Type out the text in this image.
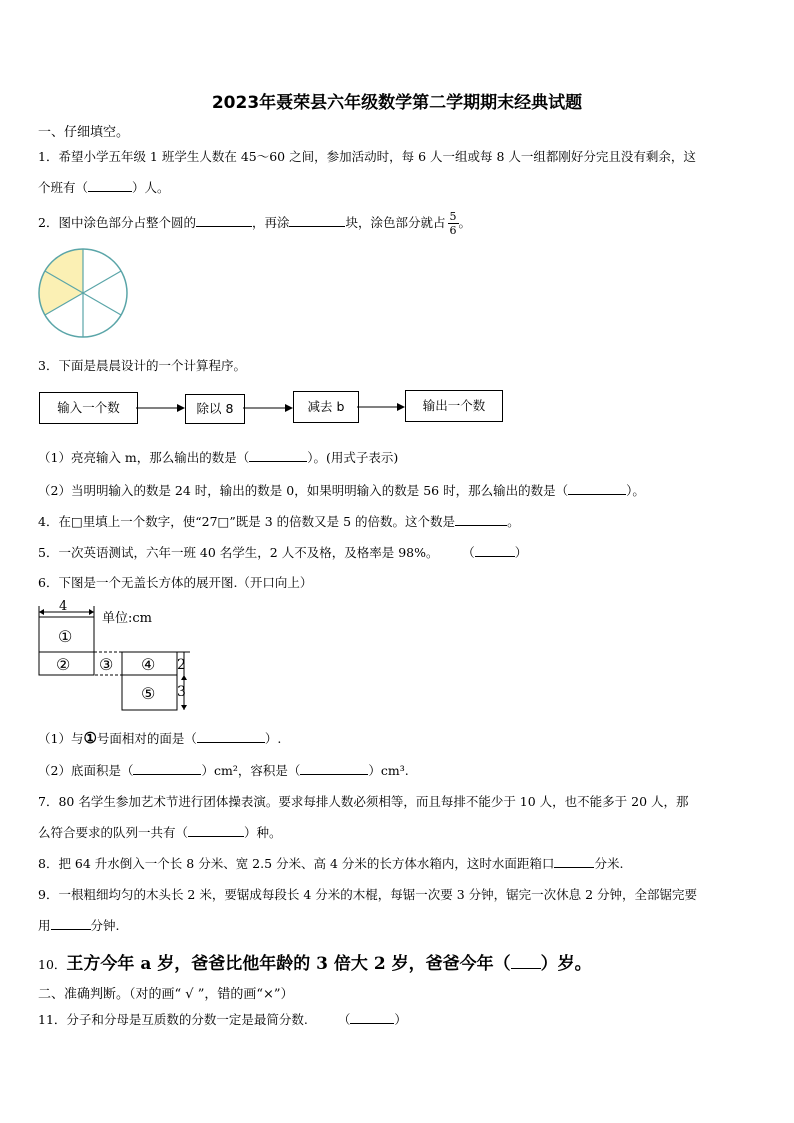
2023年聂荣县六年级数学第二学期期末经典试题
一、仔细填空。
1．希望小学五年级 1 班学生人数在 45～60 之间，参加活动时，每 6 人一组或每 8 人一组都刚好分完且没有剩余，这
个班有（	）人。
2．图中涂色部分占整个圆的	，再涂	块，涂色部分就占 $\frac{5}{6}$ 。
3．下面是晨晨设计的一个计算程序。
输入一个数	除以 8	减去 b	输出一个数
（1）亮亮输入 m，那么输出的数是（	）。(用式子表示)
（2）当明明输入的数是 24 时，输出的数是 0，如果明明输入的数是 56 时，那么输出的数是（	）。
4．在□里填上一个数字，使“27□”既是 3 的倍数又是 5 的倍数。这个数是	。
5．一次英语测试，六年一班 40 名学生，2 人不及格，及格率是 98%。 （	）
6．下图是一个无盖长方体的展开图.（开口向上）
4
单位:cm
①
② ③ ④
⑤
2
3
（1）与①号面相对的面是（	）.
（2）底面积是（	）cm²，容积是（	）cm³.
7．80 名学生参加艺术节进行团体操表演。要求每排人数必须相等，而且每排不能少于 10 人，也不能多于 20 人，那
么符合要求的队列一共有（	）种。
8．把 64 升水倒入一个长 8 分米、宽 2.5 分米、高 4 分米的长方体水箱内，这时水面距箱口	分米.
9．一根粗细均匀的木头长 2 米，要锯成每段长 4 分米的木棍，每锯一次要 3 分钟，锯完一次休息 2 分钟，全部锯完要
用	分钟.
10．王方今年 a 岁，爸爸比他年龄的 3 倍大 2 岁，爸爸今年（ ）岁。
二、准确判断。（对的画“ √ ”，错的画“×”）
11．分子和分母是互质数的分数一定是最简分数. （	）
